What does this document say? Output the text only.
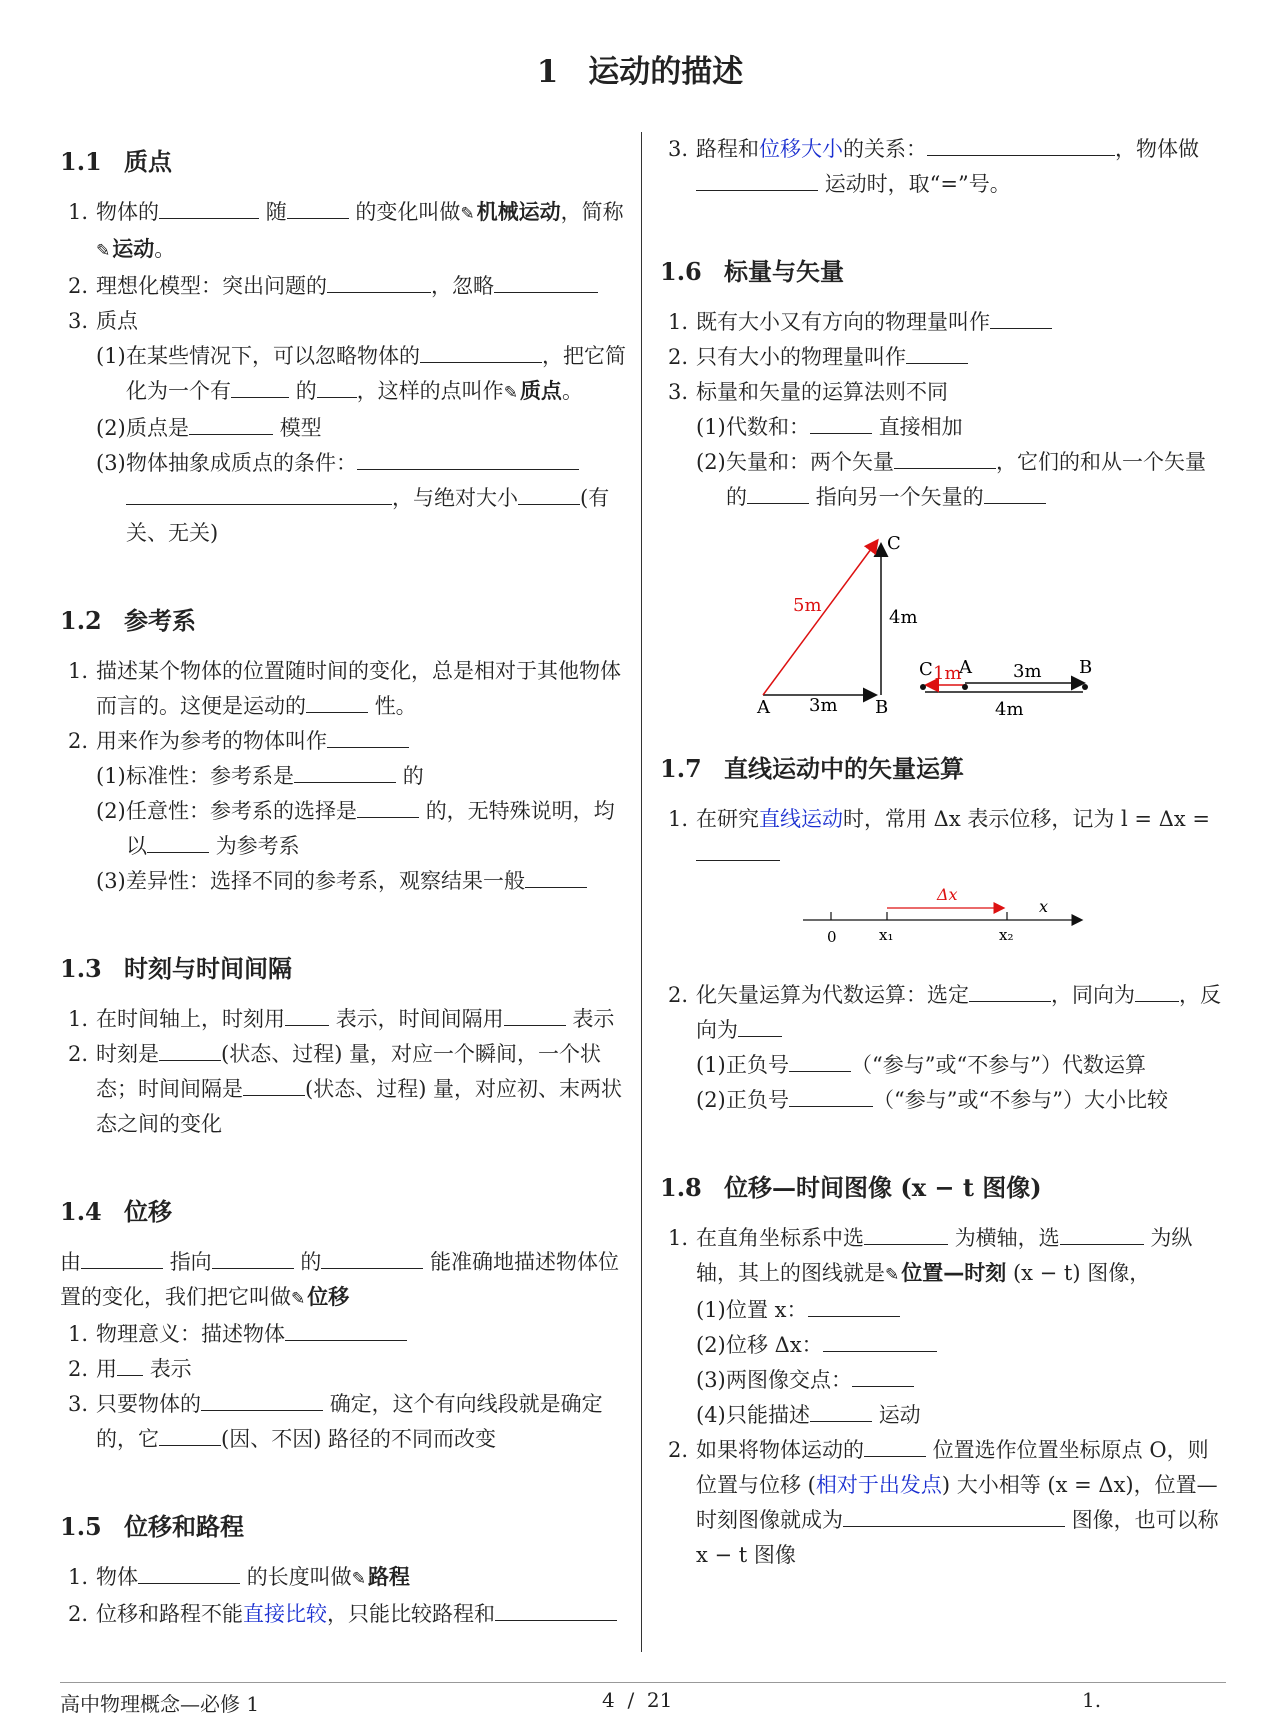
1 运动的描述
1.1 质点
1. 物体的	随	的变化叫做✎机械运动，简称✎运动。
2. 理想化模型：突出问题的	，忽略
3. 质点
(1) 在某些情况下，可以忽略物体的	，把它简化为一个有	的 ，这样的点叫作✎质点。
(2) 质点是	模型
(3) 物体抽象成质点的条件：
，与绝对大小	(有关、无关)
1.2 参考系
1. 描述某个物体的位置随时间的变化，总是相对于其他物体而言的。这便是运动的	性。
2. 用来作为参考的物体叫作
(1) 标准性：参考系是	的
(2) 任意性：参考系的选择是	的，无特殊说明，均以	为参考系
(3) 差异性：选择不同的参考系，观察结果一般
1.3 时刻与时间间隔
1. 在时间轴上，时刻用 表示，时间间隔用	表示
2. 时刻是	(状态、过程) 量，对应一个瞬间，一个状态；时间间隔是	(状态、过程) 量，对应初、末两状态之间的变化
1.4 位移
由	指向	的	能准确地描述物体位置的变化，我们把它叫做✎位移
1. 物理意义：描述物体
2. 用 表示
3. 只要物体的	确定，这个有向线段就是确定的，它	(因、不因) 路径的不同而改变
1.5 位移和路程
1. 物体	的长度叫做✎路程
2. 位移和路程不能直接比较，只能比较路程和
3. 路程和位移大小的关系：	，物体做 运动时，取“=”号。
1.6 标量与矢量
1. 既有大小又有方向的物理量叫作
2. 只有大小的物理量叫作
3. 标量和矢量的运算法则不同
(1) 代数和：	直接相加
(2) 矢量和：两个矢量	，它们的和从一个矢量的	指向另一个矢量的
A	B
C
5m
4m
3m
C 1m
A 3m B
4m
1.7 直线运动中的矢量运算
1. 在研究直线运动时，常用 Δx 表示位移，记为 l = Δx =

Δx
x
0	x₁	x₂
2. 化矢量运算为代数运算：选定	，同向为 ，反向为
(1) 正负号	（“参与”或“不参与”）代数运算
(2) 正负号	（“参与”或“不参与”）大小比较
1.8 位移—时间图像 (x − t 图像)
1. 在直角坐标系中选	为横轴，选	为纵轴，其上的图线就是✎位置—时刻 (x − t) 图像，
(1) 位置 x：
(2) 位移 Δx：
(3) 两图像交点：
(4) 只能描述	运动
2. 如果将物体运动的	位置选作位置坐标原点 O，则位置与位移 (相对于出发点) 大小相等 (x = Δx)，位置—时刻图像就成为	图像，也可以称 x − t 图像
高中物理概念—必修 1	4 / 21	1.
